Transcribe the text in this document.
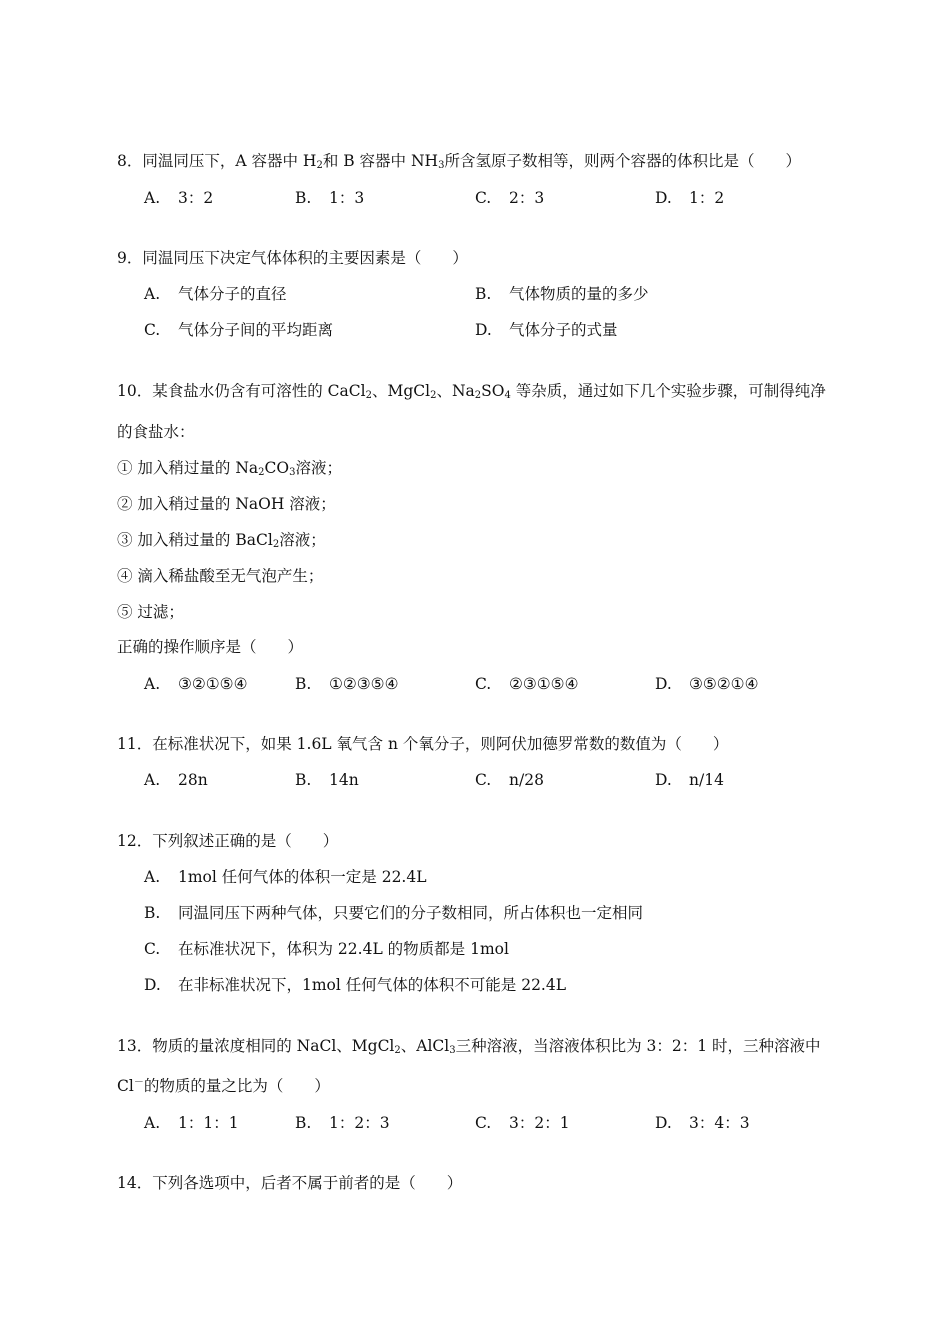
8．同温同压下，A 容器中 $H_2$和 B 容器中 $NH_3$所含氢原子数相等，则两个容器的体积比是（　　）
A. 3：2	B. 1：3	C. 2：3	D. 1：2
9．同温同压下决定气体体积的主要因素是（　　）
A. 气体分子的直径	B. 气体物质的量的多少
C. 气体分子间的平均距离	D. 气体分子的式量
10．某食盐水仍含有可溶性的 CaCl$_2$、MgCl$_2$、$Na_2SO_4$ 等杂质，通过如下几个实验步骤，可制得纯净
的食盐水：
① 加入稍过量的 $Na_2CO_3$溶液；
② 加入稍过量的 NaOH 溶液；
③ 加入稍过量的 BaCl$_2$溶液；
④ 滴入稀盐酸至无气泡产生；
⑤ 过滤；
正确的操作顺序是（　　）
A. ③②①⑤④	B. ①②③⑤④	C. ②③①⑤④	D. ③⑤②①④
11．在标准状况下，如果 1.6L 氧气含 n 个氧分子，则阿伏加德罗常数的数值为（　　）
A. 28n	B. 14n	C. n/28	D. n/14
12．下列叙述正确的是（　　）
A. 1mol 任何气体的体积一定是 22.4L
B. 同温同压下两种气体，只要它们的分子数相同，所占体积也一定相同
C. 在标准状况下，体积为 22.4L 的物质都是 1mol
D. 在非标准状况下，1mol 任何气体的体积不可能是 22.4L
13．物质的量浓度相同的 NaCl、MgCl$_2$、AlCl$_3$三种溶液，当溶液体积比为 3：2：1 时，三种溶液中
Cl－的物质的量之比为（　　）
A. 1：1：1	B. 1：2：3	C. 3：2：1	D. 3：4：3
14．下列各选项中，后者不属于前者的是（　　）
